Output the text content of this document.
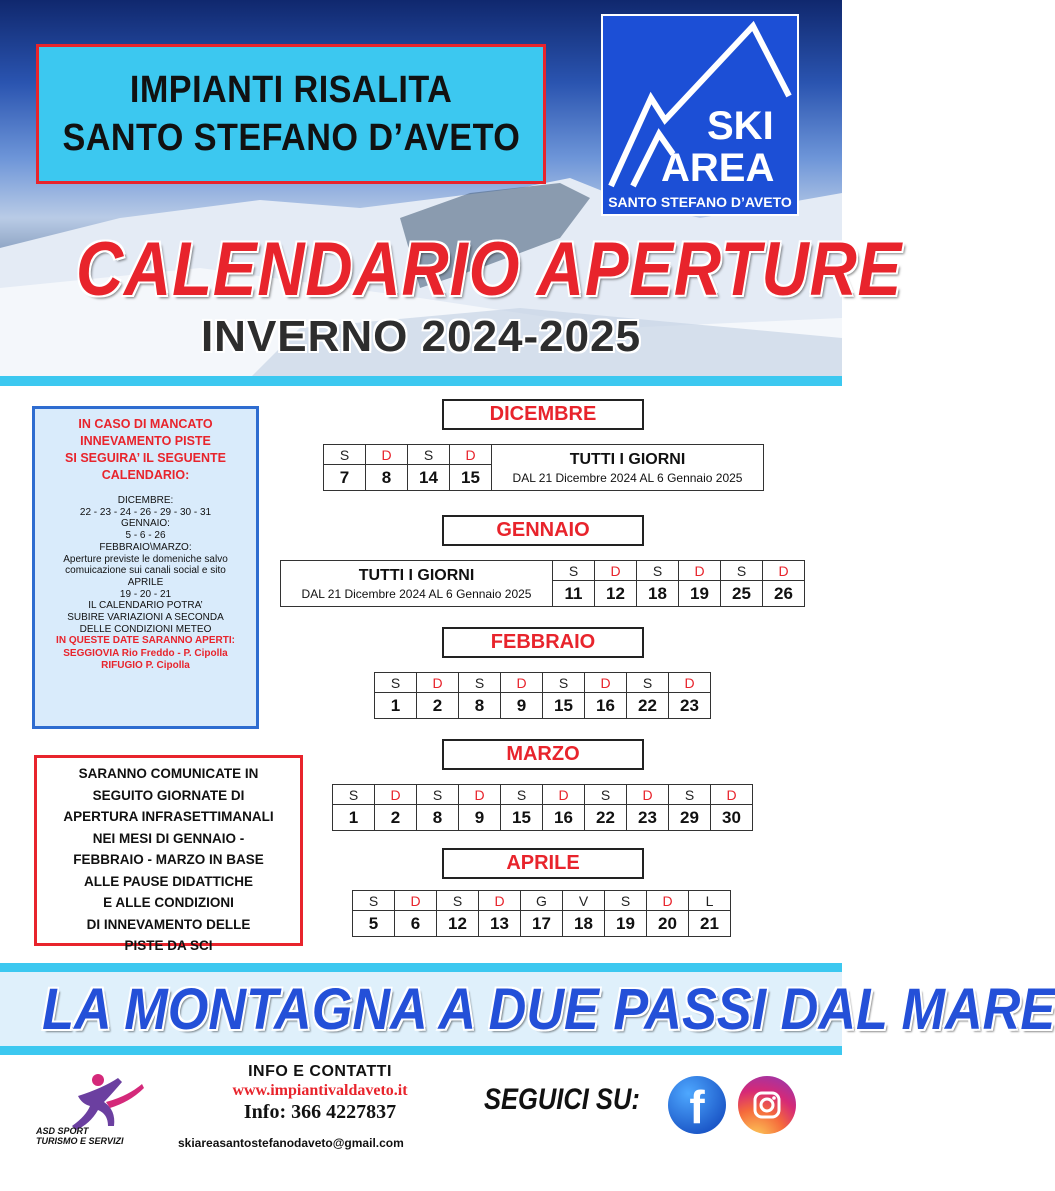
IMPIANTI RISALITA
SANTO STEFANO D’AVETO	SKI
AREA
SANTO STEFANO D’AVETO
CALENDARIO APERTURE
INVERNO 2024-2025
IN CASO DI MANCATO
INNEVAMENTO PISTE
SI SEGUIRA’ IL SEGUENTE
CALENDARIO:
DICEMBRE:
22 - 23 - 24 - 26 - 29 - 30 - 31
GENNAIO:
5 - 6 - 26
FEBBRAIO\MARZO:
Aperture previste le domeniche salvo
comuicazione sui canali social e sito
APRILE
19 - 20 - 21
IL CALENDARIO POTRA’
SUBIRE VARIAZIONI A SECONDA
DELLE CONDIZIONI METEO
IN QUESTE DATE SARANNO APERTI:
SEGGIOVIA Rio Freddo - P. Cipolla
RIFUGIO P. Cipolla
SARANNO COMUNICATE IN
SEGUITO GIORNATE DI
APERTURA INFRASETTIMANALI
NEI MESI DI GENNAIO -
FEBBRAIO - MARZO IN BASE
ALLE PAUSE DIDATTICHE
E ALLE CONDIZIONI
DI INNEVAMENTO DELLE
PISTE DA SCI
DICEMBRE
S	D	S	D	TUTTI I GIORNI
DAL 21 Dicembre 2024 AL 6 Gennaio 2025

7	8	14	15	
GENNAIO
TUTTI I GIORNI
DAL 21 Dicembre 2024 AL 6 Gennaio 2025	S	D	S	D	S	D
	11	12	18	19	25	26
FEBBRAIO
S	D	S	D	S	D	S	D
1	2	8	9	15	16	22	23
MARZO
S	D	S	D	S	D	S	D	S	D
1	2	8	9	15	16	22	23	29	30
APRILE
S	D	S	D	G	V	S	D	L
5	6	12	13	17	18	19	20	21
LA MONTAGNA A DUE PASSI DAL MARE
ASD SPORT
TURISMO E SERVIZI
INFO E CONTATTI
www.impiantivaldaveto.it
Info: 366 4227837
skiareasantostefanodaveto@gmail.com
SEGUICI SU:	f
